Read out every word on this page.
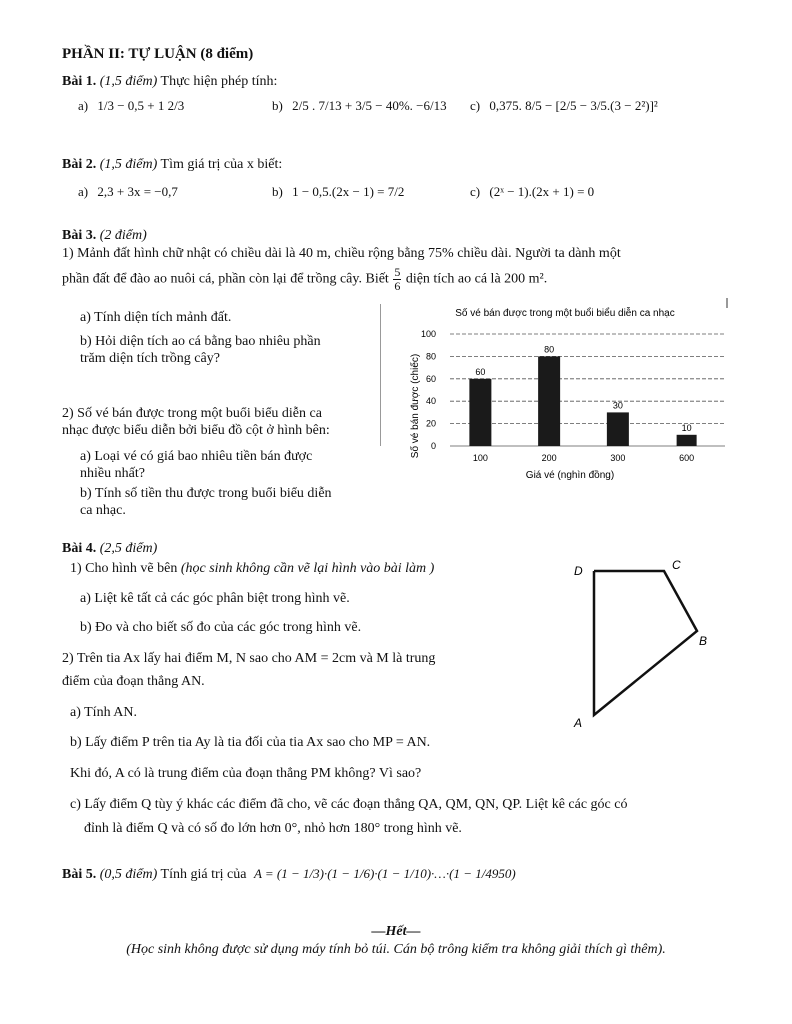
PHẦN II: TỰ LUẬN (8 điểm)
Bài 1. (1,5 điểm) Thực hiện phép tính:
a) 1/3 − 0,5 + 1 2/3	b) 2/5 . 7/13 + 3/5 − 40%. −6/13 c) 0,375. 8/5 − [2/5 − 3/5.(3 − 2²)]²
Bài 2. (1,5 điểm) Tìm giá trị của x biết:
a) 2,3 + 3x = −0,7	b) 1 − 0,5.(2x − 1) = 7/2	c) (2ˣ − 1).(2x + 1) = 0
Bài 3. (2 điểm)
1) Mảnh đất hình chữ nhật có chiều dài là 40 m, chiều rộng bằng 75% chiều dài. Người ta dành một
phần đất để đào ao nuôi cá, phần còn lại để trồng cây. Biết $\frac{5}{6}$ diện tích ao cá là 200 m².
a) Tính diện tích mảnh đất.
b) Hỏi diện tích ao cá bằng bao nhiêu phần
trăm diện tích trồng cây?
2) Số vé bán được trong một buổi biểu diễn ca
nhạc được biểu diễn bởi biểu đồ cột ở hình bên:
a) Loại vé có giá bao nhiêu tiền bán được
nhiều nhất?
b) Tính số tiền thu được trong buổi biểu diễn
ca nhạc.
Số vé bán được trong một buổi biểu diễn ca nhạc
Số vé bán được (chiếc)
Giá vé (nghìn đồng)
0
20
40
60
80
100
60
100
80
200
30
300
10
600
Bài 4. (2,5 điểm)
1) Cho hình vẽ bên (học sinh không cần vẽ lại hình vào bài làm )
a) Liệt kê tất cả các góc phân biệt trong hình vẽ.
b) Đo và cho biết số đo của các góc trong hình vẽ.
2) Trên tia Ax lấy hai điểm M, N sao cho AM = 2cm và M là trung
điểm của đoạn thẳng AN.
a) Tính AN.
b) Lấy điểm P trên tia Ay là tia đối của tia Ax sao cho MP = AN.
Khi đó, A có là trung điểm của đoạn thẳng PM không? Vì sao?
c) Lấy điểm Q tùy ý khác các điểm đã cho, vẽ các đoạn thẳng QA, QM, QN, QP. Liệt kê các góc có
đỉnh là điểm Q và có số đo lớn hơn 0°, nhỏ hơn 180° trong hình vẽ.
D	C
B
A
Bài 5. (0,5 điểm) Tính giá trị của A = (1 − 1/3)·(1 − 1/6)·(1 − 1/10)·…·(1 − 1/4950)
—Hết—
(Học sinh không được sử dụng máy tính bỏ túi. Cán bộ trông kiểm tra không giải thích gì thêm).
